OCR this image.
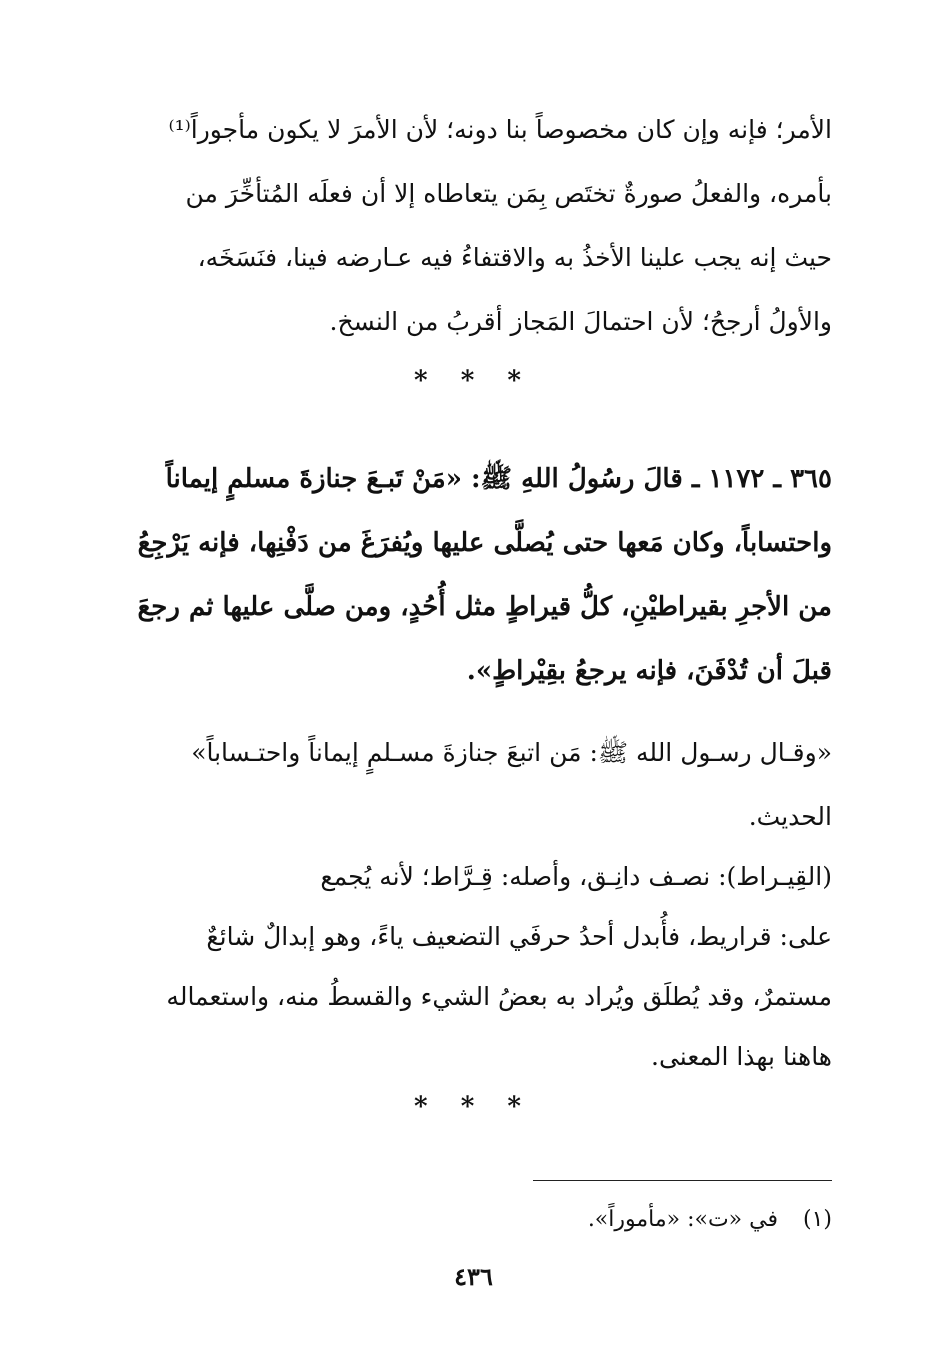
الأمر؛ فإنه وإن كان مخصوصاً بنا دونه؛ لأن الأمرَ لا يكون مأجوراً⁽¹⁾
بأمره، والفعلُ صورةٌ تختَص بِمَن يتعاطاه إلا أن فعلَه المُتأخِّرَ من
حيث إنه يجب علينا الأخذُ به والاقتفاءُ فيه عـارضه فينا، فنَسَخَه،
والأولُ أرجحُ؛ لأن احتمالَ المَجاز أقربُ من النسخ.
* * *
٣٦٥ ـ ١١٧٢ ـ قالَ رسُولُ اللهِ ﷺ: «مَنْ تَبـعَ جنازةَ مسلمٍ إيماناً
واحتساباً، وكان مَعها حتى يُصلَّى عليها ويُفرَغَ من دَفْنِها، فإنه يَرْجِعُ
من الأجرِ بقيراطيْنِ، كلُّ قيراطٍ مثل أُحُدٍ، ومن صلَّى عليها ثم رجعَ
قبلَ أن تُدْفَنَ، فإنه يرجعُ بقِيْراطٍ».
«وقـال رسـول الله ﷺ: مَن اتبعَ جنازةَ مسـلمٍ إيماناً واحتـساباً»
الحديث.
(القِيـراط): نصـف دانِـق، وأصله: قِـرَّاط؛ لأنه يُجمع
على: قراريط، فأُبدل أحدُ حرفَي التضعيف ياءً، وهو إبدالٌ شائعٌ
مستمرٌ، وقد يُطلَق ويُراد به بعضُ الشيء والقسطُ منه، واستعماله
هاهنا بهذا المعنى.
* * *
(١) في «ت»: «مأموراً».
٤٣٦
